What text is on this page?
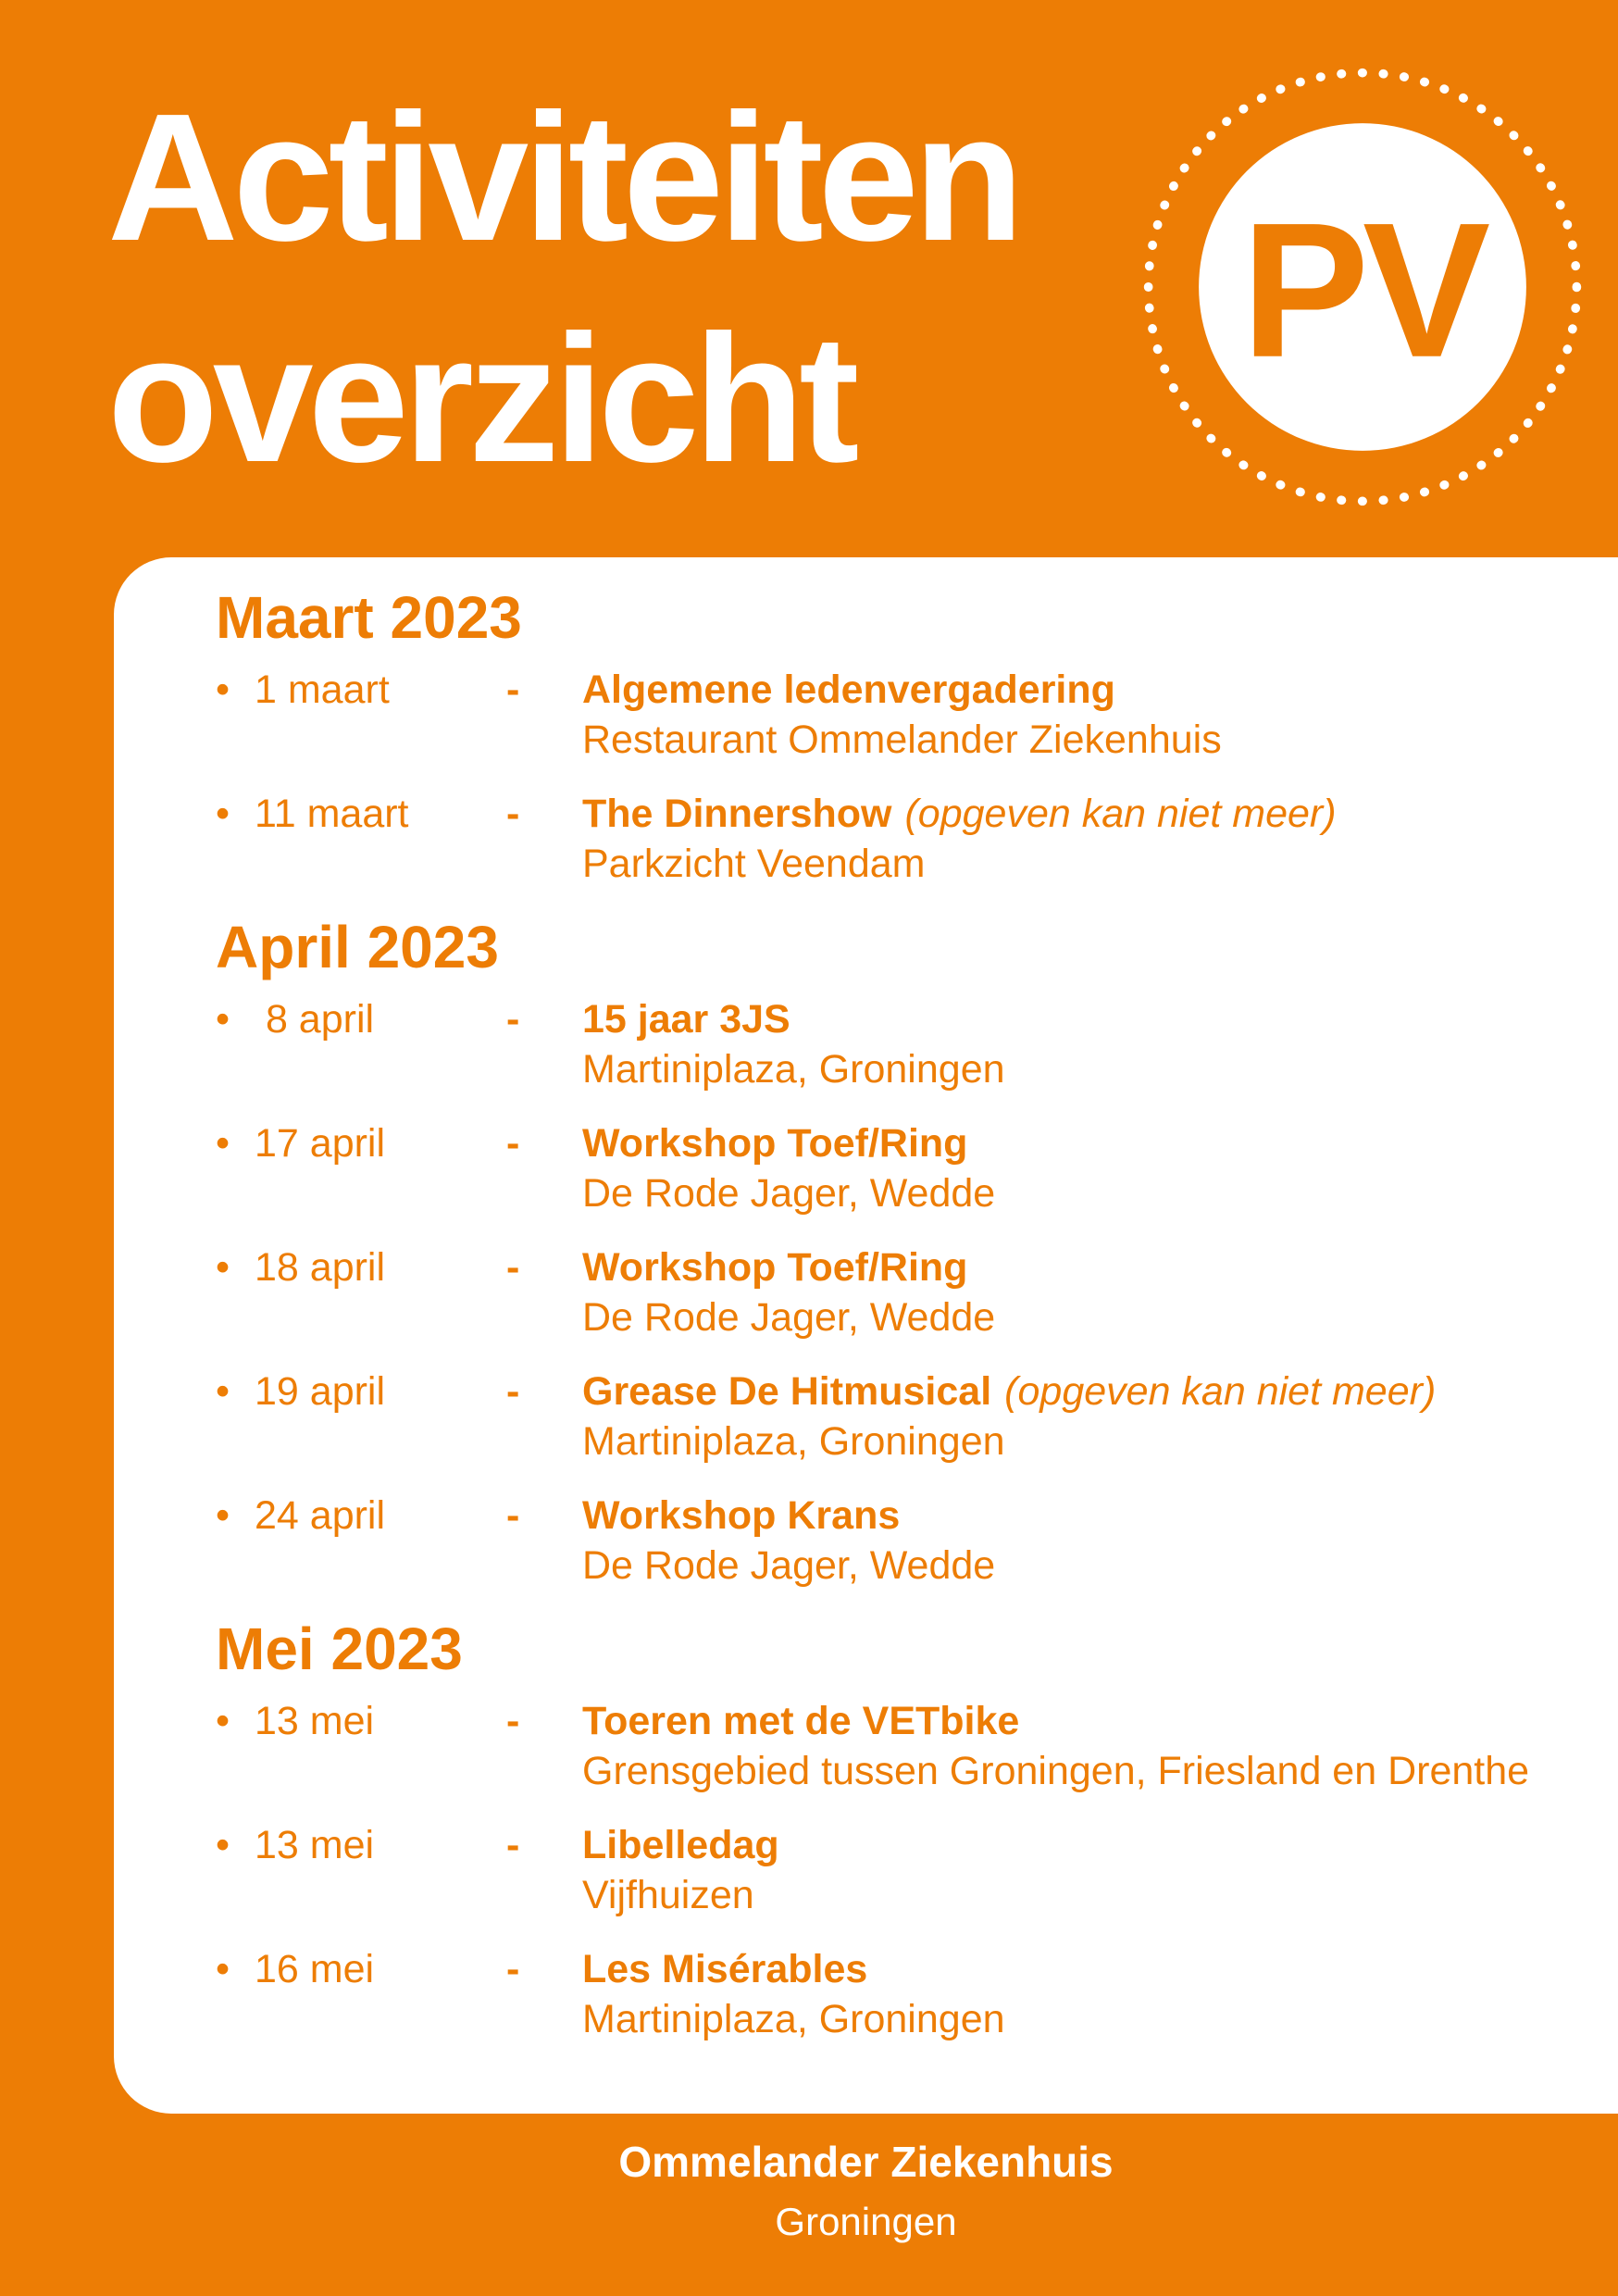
Activiteiten
overzicht
PV
Maart 2023
• 1 maart	-	Algemene ledenvergadering
Restaurant Ommelander Ziekenhuis
• 11 maart	-	The Dinnershow (opgeven kan niet meer)
Parkzicht Veendam
April 2023
• 8 april	-	15 jaar 3JS
Martiniplaza, Groningen
• 17 april	-	Workshop Toef/Ring
De Rode Jager, Wedde
• 18 april	-	Workshop Toef/Ring
De Rode Jager, Wedde
• 19 april	-	Grease De Hitmusical (opgeven kan niet meer)
Martiniplaza, Groningen
• 24 april	-	Workshop Krans
De Rode Jager, Wedde
Mei 2023
• 13 mei	-	Toeren met de VETbike
Grensgebied tussen Groningen, Friesland en Drenthe
• 13 mei	-	Libelledag
Vijfhuizen
• 16 mei	-	Les Misérables
Martiniplaza, Groningen
Ommelander Ziekenhuis
Groningen
